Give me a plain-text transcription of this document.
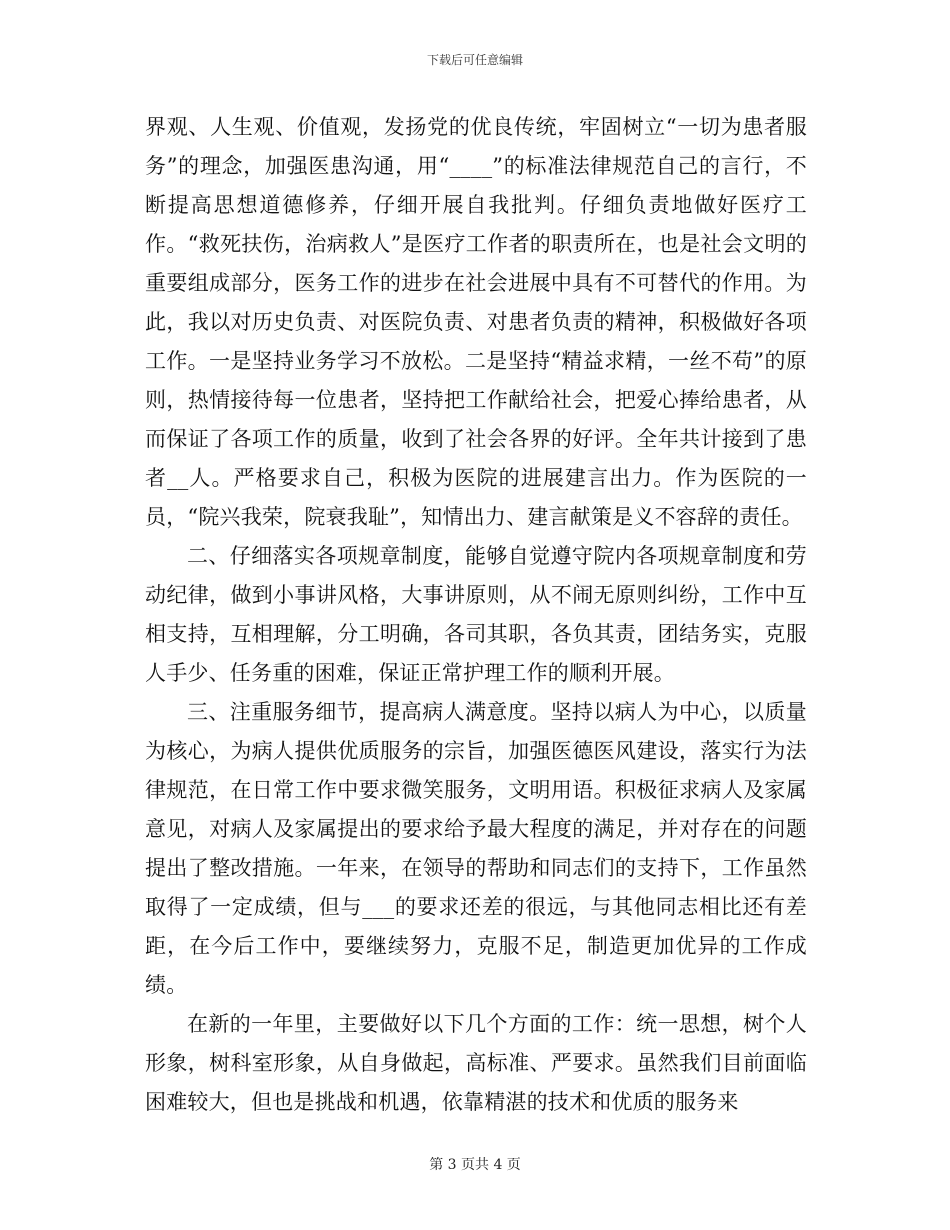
下载后可任意编辑

界观、人生观、价值观，发扬党的优良传统，牢固树立“一切为患者服务”的理念，加强医患沟通，用“____”的标准法律规范自己的言行，不断提高思想道德修养，仔细开展自我批判。仔细负责地做好医疗工作。“救死扶伤，治病救人”是医疗工作者的职责所在，也是社会文明的重要组成部分，医务工作的进步在社会进展中具有不可替代的作用。为此，我以对历史负责、对医院负责、对患者负责的精神，积极做好各项工作。一是坚持业务学习不放松。二是坚持“精益求精，一丝不苟”的原则，热情接待每一位患者，坚持把工作献给社会，把爱心捧给患者，从而保证了各项工作的质量，收到了社会各界的好评。全年共计接到了患者__人。严格要求自己，积极为医院的进展建言出力。作为医院的一员，“院兴我荣，院衰我耻”，知情出力、建言献策是义不容辞的责任。

二、仔细落实各项规章制度，能够自觉遵守院内各项规章制度和劳动纪律，做到小事讲风格，大事讲原则，从不闹无原则纠纷，工作中互相支持，互相理解，分工明确，各司其职，各负其责，团结务实，克服人手少、任务重的困难，保证正常护理工作的顺利开展。

三、注重服务细节，提高病人满意度。坚持以病人为中心，以质量为核心，为病人提供优质服务的宗旨，加强医德医风建设，落实行为法律规范，在日常工作中要求微笑服务，文明用语。积极征求病人及家属意见，对病人及家属提出的要求给予最大程度的满足，并对存在的问题提出了整改措施。一年来，在领导的帮助和同志们的支持下，工作虽然取得了一定成绩，但与___的要求还差的很远，与其他同志相比还有差距，在今后工作中，要继续努力，克服不足，制造更加优异的工作成绩。

在新的一年里，主要做好以下几个方面的工作：统一思想，树个人形象，树科室形象，从自身做起，高标准、严要求。虽然我们目前面临困难较大，但也是挑战和机遇，依靠精湛的技术和优质的服务来

第 3 页共 4 页
